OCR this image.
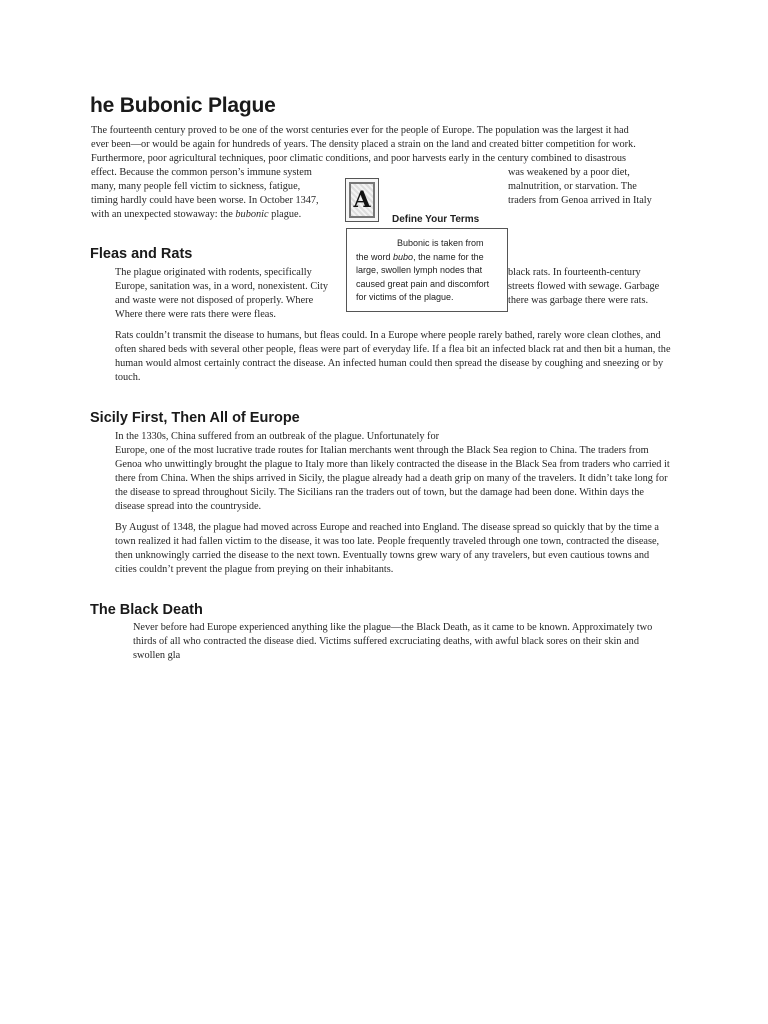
he Bubonic Plague

The fourteenth century proved to be one of the worst centuries ever for the people of Europe. The population was the largest it had

ever been—or would be again for hundreds of years. The density placed a strain on the land and created bitter competition for work.

Furthermore, poor agricultural techniques, poor climatic conditions, and poor harvests early in the century combined to disastrous

effect. Because the common person’s immune system

many, many people fell victim to sickness, fatigue,

timing hardly could have been worse. In October 1347,

with an unexpected stowaway: the bubonic plague.

was weakened by a poor diet,

malnutrition, or starvation. The

traders from Genoa arrived in Italy

A

Define Your Terms

Bubonic is taken from

the word bubo, the name for the

large, swollen lymph nodes that

caused great pain and discomfort

for victims of the plague.

Fleas and Rats

The plague originated with rodents, specifically

Europe, sanitation was, in a word, nonexistent. City

and waste were not disposed of properly. Where

Where there were rats there were fleas.

black rats. In fourteenth-century

streets flowed with sewage. Garbage

there was garbage there were rats.

Rats couldn’t transmit the disease to humans, but fleas could. In a Europe where people rarely bathed, rarely wore clean clothes, and often shared beds with several other people, fleas were part of everyday life. If a flea bit an infected black rat and then bit a human, the human would almost certainly contract the disease. An infected human could then spread the disease by coughing and sneezing or by touch.

Sicily First, Then All of Europe

In the 1330s, China suffered from an outbreak of the plague. Unfortunately for

Europe, one of the most lucrative trade routes for Italian merchants went through the Black Sea region to China. The traders from Genoa who unwittingly brought the plague to Italy more than likely contracted the disease in the Black Sea from traders who carried it there from China. When the ships arrived in Sicily, the plague already had a death grip on many of the travelers. It didn’t take long for the disease to spread throughout Sicily. The Sicilians ran the traders out of town, but the damage had been done. Within days the disease spread into the countryside.

By August of 1348, the plague had moved across Europe and reached into England. The disease spread so quickly that by the time a town realized it had fallen victim to the disease, it was too late. People frequently traveled through one town, contracted the disease, then unknowingly carried the disease to the next town. Eventually towns grew wary of any travelers, but even cautious towns and cities couldn’t prevent the plague from preying on their inhabitants.

The Black Death

Never before had Europe experienced anything like the plague—the Black Death, as it came to be known. Approximately two thirds of all who contracted the disease died. Victims suffered excruciating deaths, with awful black sores on their skin and swollen gla
